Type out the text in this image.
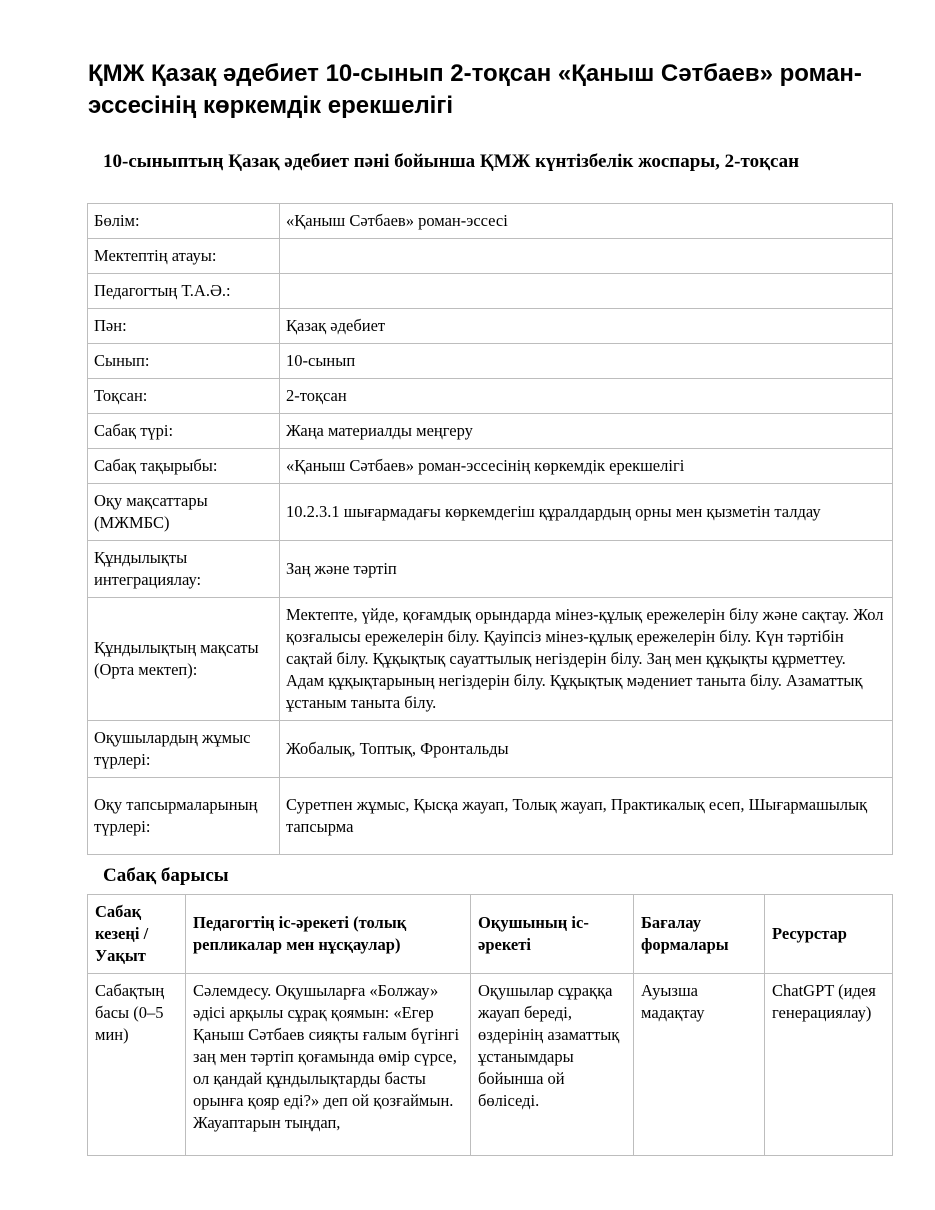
ҚМЖ Қазақ әдебиет 10-сынып 2-тоқсан «Қаныш Сәтбаев» роман-эссесінің көркемдік ерекшелігі
10-сыныптың Қазақ әдебиет пәні бойынша ҚМЖ күнтізбелік жоспары, 2-тоқсан
Бөлім:	«Қаныш Сәтбаев» роман-эссесі
Мектептің атауы:	
Педагогтың Т.А.Ә.:	
Пән:	Қазақ әдебиет
Сынып:	10-сынып
Тоқсан:	2-тоқсан
Сабақ түрі:	Жаңа материалды меңгеру
Сабақ тақырыбы:	«Қаныш Сәтбаев» роман-эссесінің көркемдік ерекшелігі
Оқу мақсаттары (МЖМБС)	10.2.3.1 шығармадағы көркемдегіш құралдардың орны мен қызметін талдау
Құндылықты интеграциялау:	Заң және тәртіп
Құндылықтың мақсаты (Орта мектеп):	Мектепте, үйде, қоғамдық орындарда мінез-құлық ережелерін білу және сақтау. Жол қозғалысы ережелерін білу. Қауіпсіз мінез-құлық ережелерін білу. Күн тәртібін сақтай білу. Құқықтық сауаттылық негіздерін білу. Заң мен құқықты құрметтеу. Адам құқықтарының негіздерін білу. Құқықтық мәдениет таныта білу. Азаматтық ұстаным таныта білу.
Оқушылардың жұмыс түрлері:	Жобалық, Топтық, Фронтальды
Оқу тапсырмаларының түрлері:	Суретпен жұмыс, Қысқа жауап, Толық жауап, Практикалық есеп, Шығармашылық тапсырма
Сабақ барысы
Сабақ кезеңі / Уақыт	Педагогтің іс-әрекеті (толық репликалар мен нұсқаулар)	Оқушының іс-әрекеті	Бағалау формалары	Ресурстар
Сабақтың басы (0–5 мин)	Сәлемдесу. Оқушыларға «Болжау» әдісі арқылы сұрақ қоямын: «Егер Қаныш Сәтбаев сияқты ғалым бүгінгі заң мен тәртіп қоғамында өмір сүрсе, ол қандай құндылықтарды басты орынға қояр еді?» деп ой қозғаймын. Жауаптарын тыңдап,	Оқушылар сұраққа жауап береді, өздерінің азаматтық ұстанымдары бойынша ой бөліседі.	Ауызша мадақтау	ChatGPT (идея генерациялау)
